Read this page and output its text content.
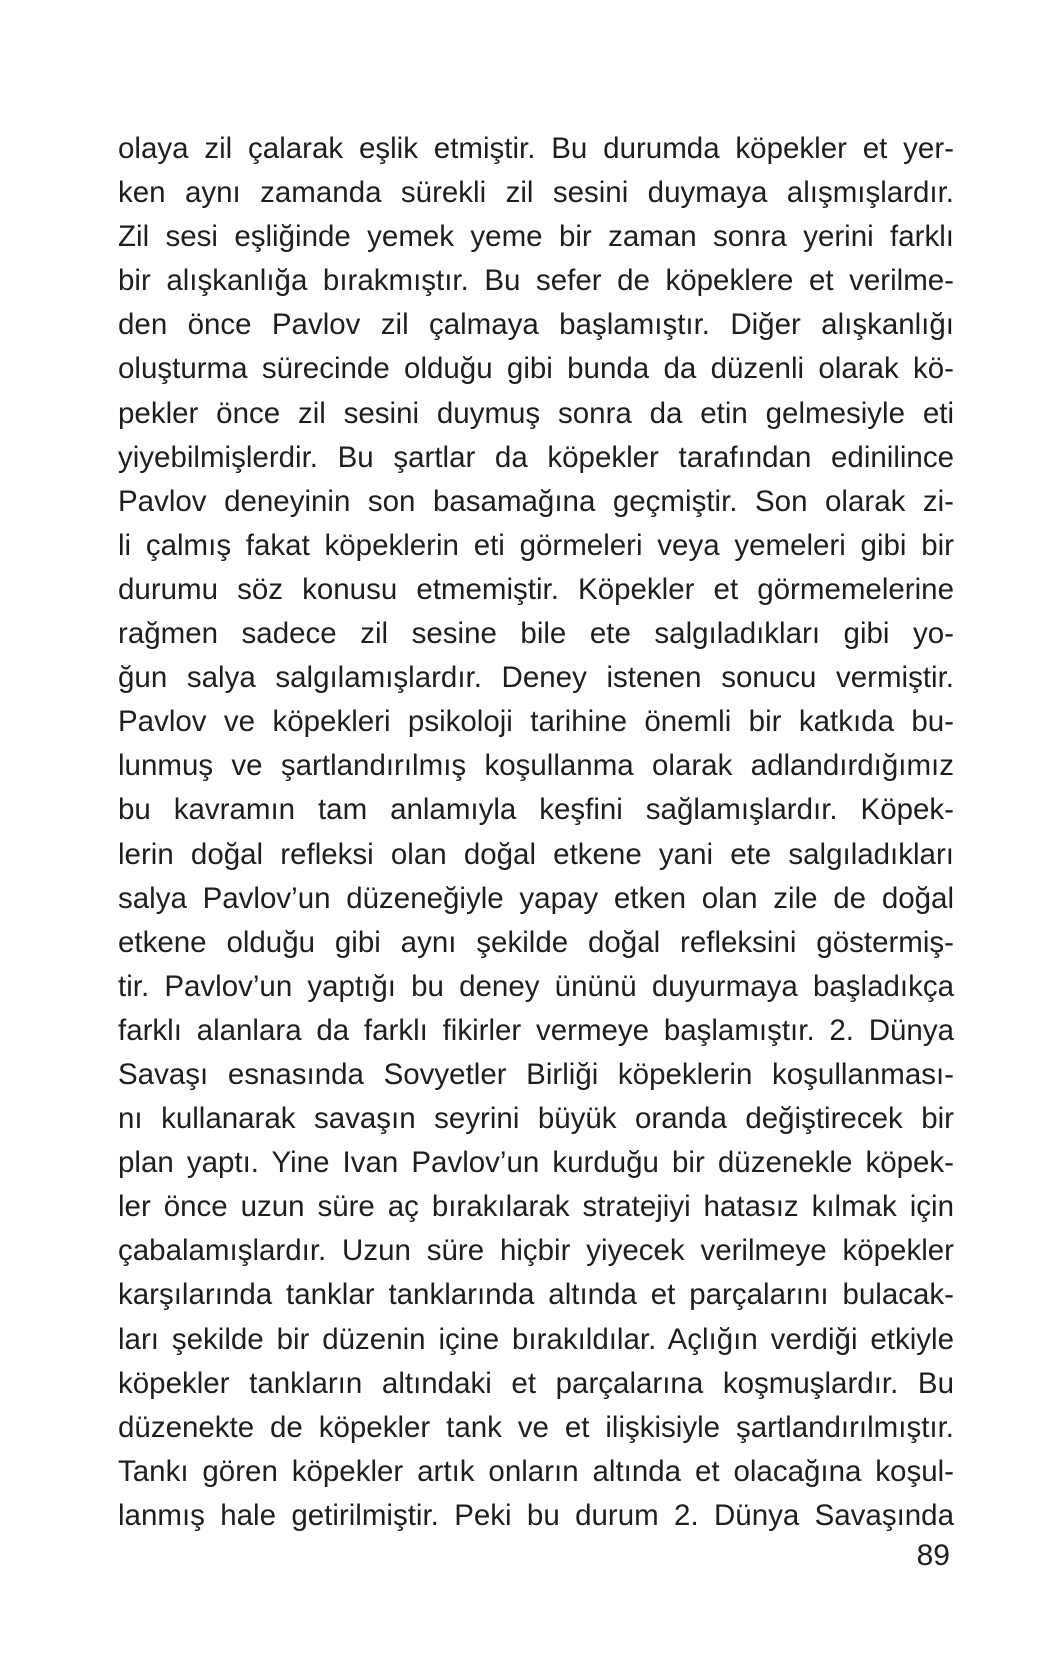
olaya zil çalarak eşlik etmiştir. Bu durumda köpekler et yer-
ken aynı zamanda sürekli zil sesini duymaya alışmışlardır.
Zil sesi eşliğinde yemek yeme bir zaman sonra yerini farklı
bir alışkanlığa bırakmıştır. Bu sefer de köpeklere et verilme-
den önce Pavlov zil çalmaya başlamıştır. Diğer alışkanlığı
oluşturma sürecinde olduğu gibi bunda da düzenli olarak kö-
pekler önce zil sesini duymuş sonra da etin gelmesiyle eti
yiyebilmişlerdir. Bu şartlar da köpekler tarafından edinilince
Pavlov deneyinin son basamağına geçmiştir. Son olarak zi-
li çalmış fakat köpeklerin eti görmeleri veya yemeleri gibi bir
durumu söz konusu etmemiştir. Köpekler et görmemelerine
rağmen sadece zil sesine bile ete salgıladıkları gibi yo-
ğun salya salgılamışlardır. Deney istenen sonucu vermiştir.
Pavlov ve köpekleri psikoloji tarihine önemli bir katkıda bu-
lunmuş ve şartlandırılmış koşullanma olarak adlandırdığımız
bu kavramın tam anlamıyla keşfini sağlamışlardır. Köpek-
lerin doğal refleksi olan doğal etkene yani ete salgıladıkları
salya Pavlov’un düzeneğiyle yapay etken olan zile de doğal
etkene olduğu gibi aynı şekilde doğal refleksini göstermiş-
tir. Pavlov’un yaptığı bu deney ününü duyurmaya başladıkça
farklı alanlara da farklı fikirler vermeye başlamıştır. 2. Dünya
Savaşı esnasında Sovyetler Birliği köpeklerin koşullanması-
nı kullanarak savaşın seyrini büyük oranda değiştirecek bir
plan yaptı. Yine Ivan Pavlov’un kurduğu bir düzenekle köpek-
ler önce uzun süre aç bırakılarak stratejiyi hatasız kılmak için
çabalamışlardır. Uzun süre hiçbir yiyecek verilmeye köpekler
karşılarında tanklar tanklarında altında et parçalarını bulacak-
ları şekilde bir düzenin içine bırakıldılar. Açlığın verdiği etkiyle
köpekler tankların altındaki et parçalarına koşmuşlardır. Bu
düzenekte de köpekler tank ve et ilişkisiyle şartlandırılmıştır.
Tankı gören köpekler artık onların altında et olacağına koşul-
lanmış hale getirilmiştir. Peki bu durum 2. Dünya Savaşında
89
